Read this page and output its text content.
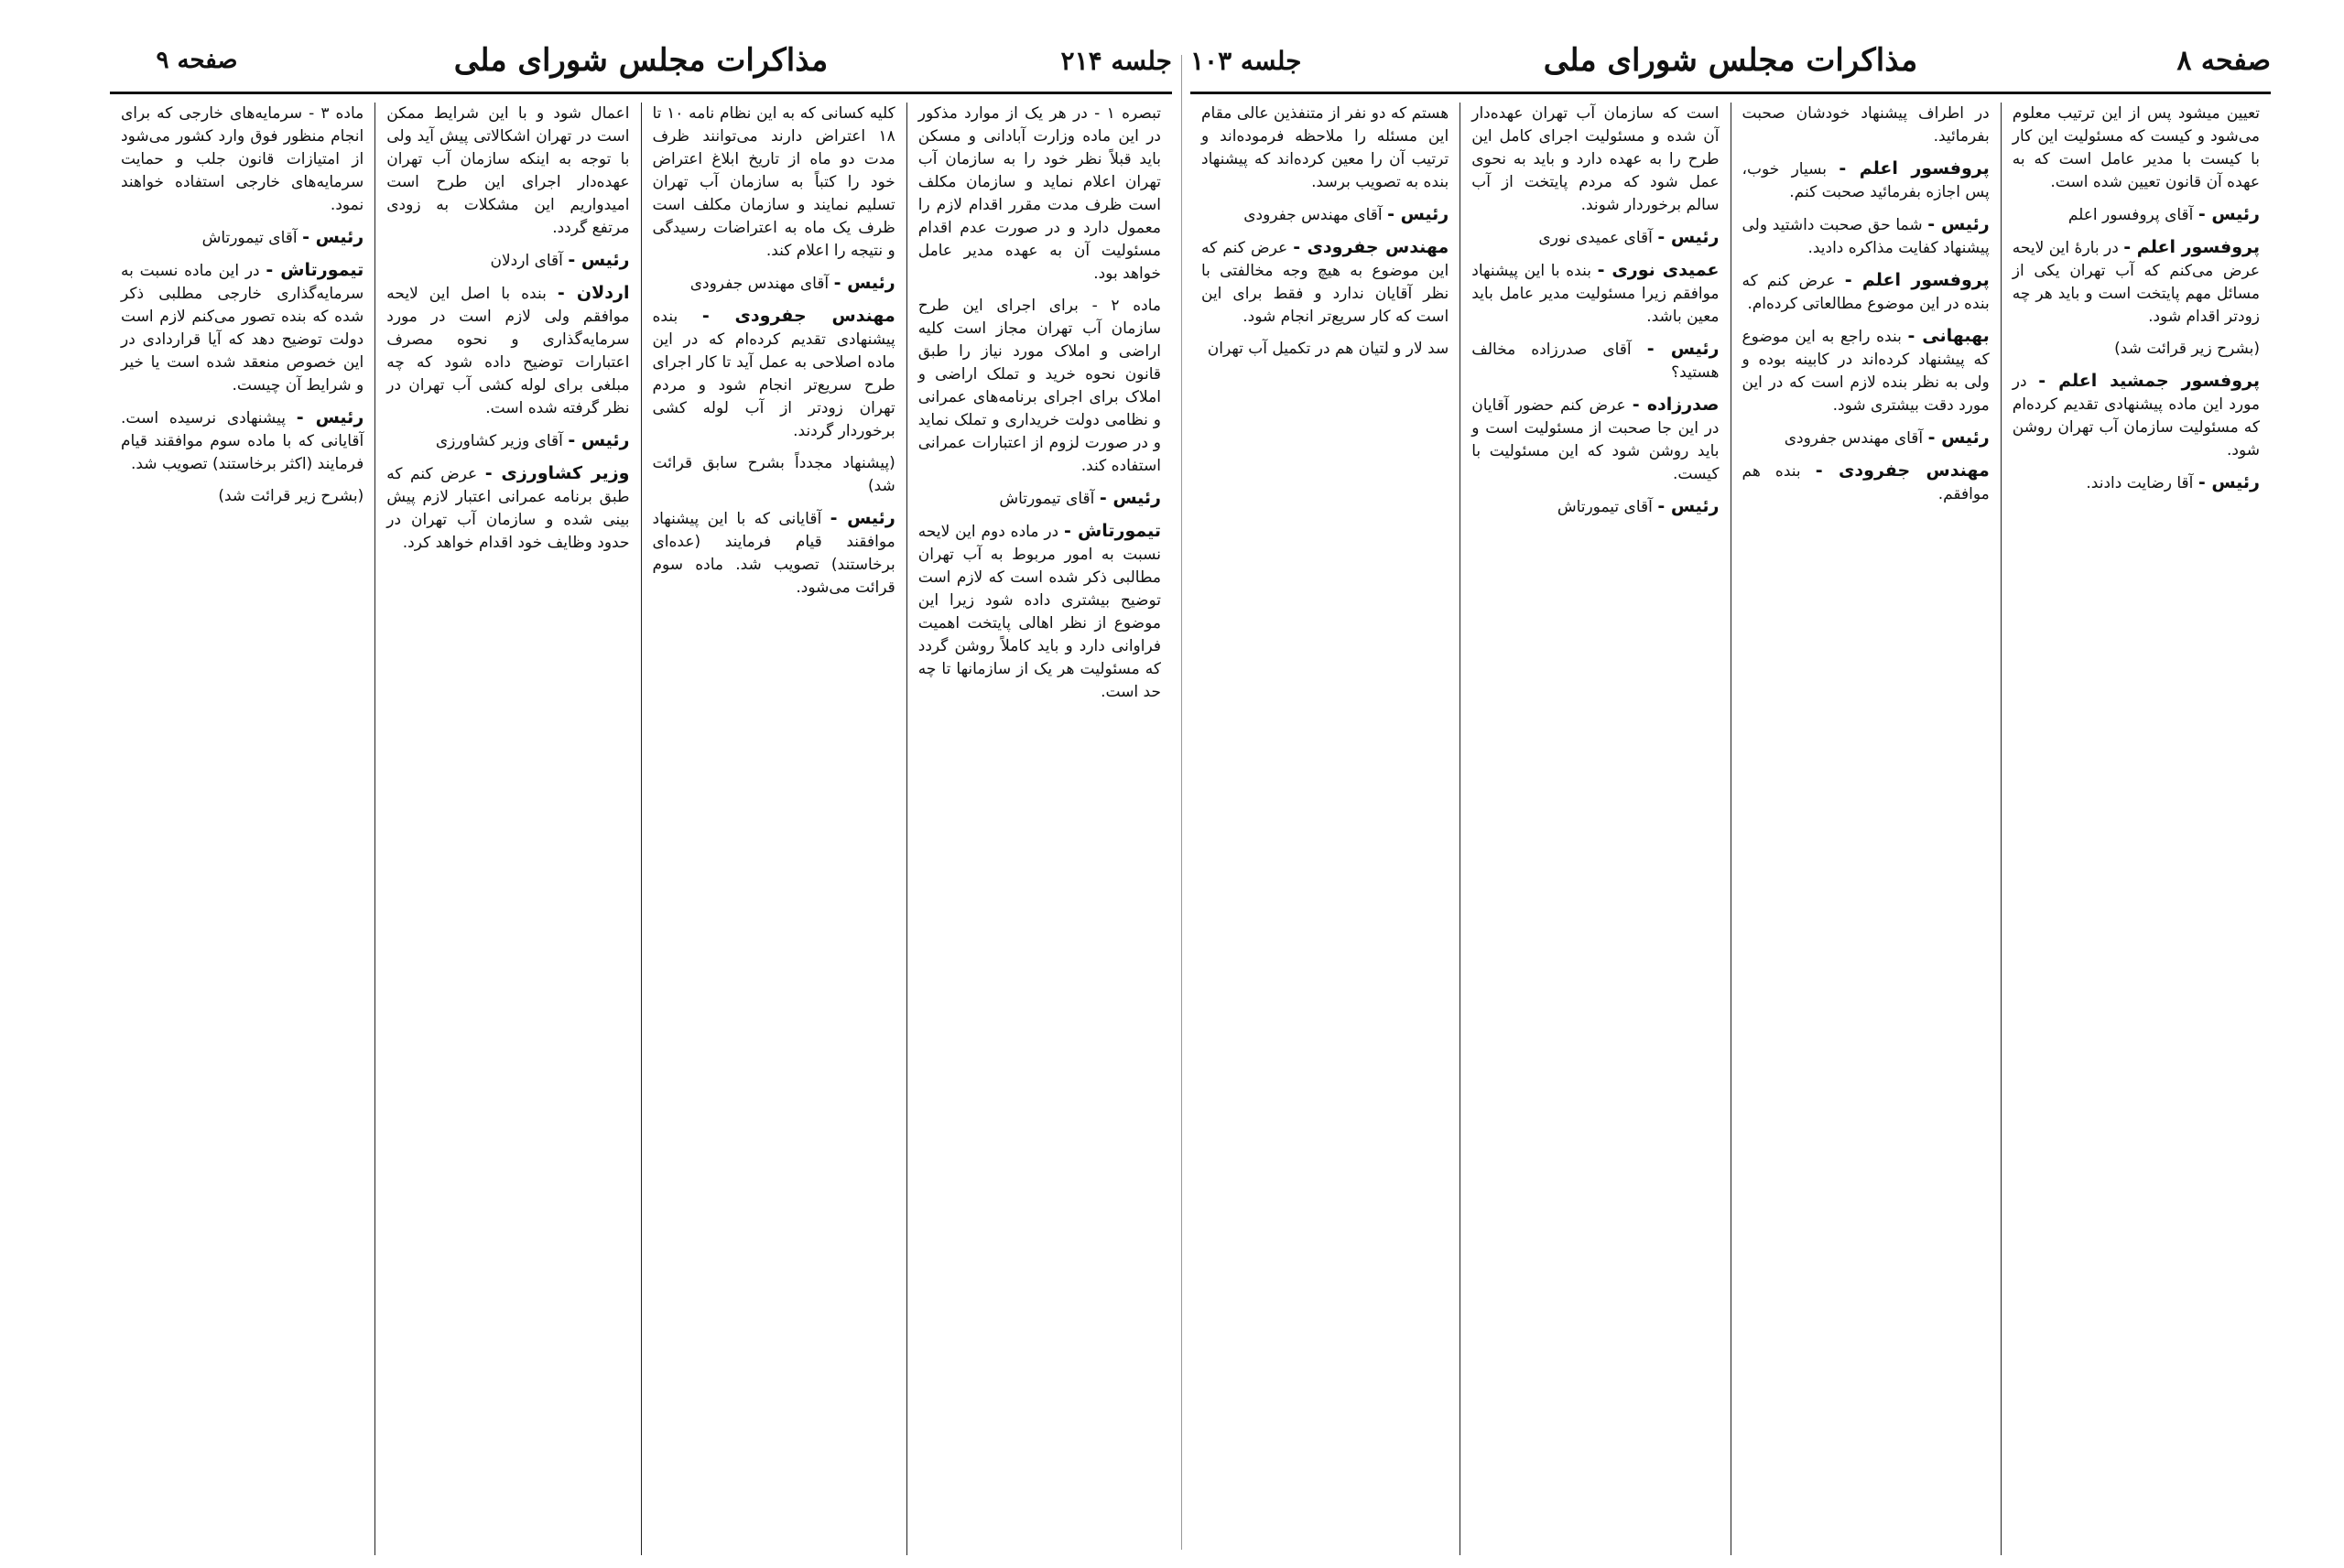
جلسه ۲۱۴
مذاکرات مجلس شورای ملی
صفحه ۹

تبصره ۱ - در هر یک از موارد مذکور در این ماده وزارت آبادانی و مسکن باید قبلاً نظر خود را به سازمان آب تهران اعلام نماید و سازمان مکلف است ظرف مدت مقرر اقدام لازم را معمول دارد و در صورت عدم اقدام مسئولیت آن به عهده مدیر عامل خواهد بود.

ماده ۲ - برای اجرای این طرح سازمان آب تهران مجاز است کلیه اراضی و املاک مورد نیاز را طبق قانون نحوه خرید و تملک اراضی و املاک برای اجرای برنامه‌های عمرانی و نظامی دولت خریداری و تملک نماید و در صورت لزوم از اعتبارات عمرانی استفاده کند.

رئیس - آقای تیمورتاش

تیمورتاش - در ماده دوم این لایحه نسبت به امور مربوط به آب تهران مطالبی ذکر شده است که لازم است توضیح بیشتری داده شود زیرا این موضوع از نظر اهالی پایتخت اهمیت فراوانی دارد و باید کاملاً روشن گردد که مسئولیت هر یک از سازمانها تا چه حد است.

کلیه کسانی که به این نظام نامه ۱۰ تا ۱۸ اعتراض دارند می‌توانند ظرف مدت دو ماه از تاریخ ابلاغ اعتراض خود را کتباً به سازمان آب تهران تسلیم نمایند و سازمان مکلف است ظرف یک ماه به اعتراضات رسیدگی و نتیجه را اعلام کند.

رئیس - آقای مهندس جفرودی

مهندس جفرودی - بنده پیشنهادی تقدیم کرده‌ام که در این ماده اصلاحی به عمل آید تا کار اجرای طرح سریع‌تر انجام شود و مردم تهران زودتر از آب لوله کشی برخوردار گردند.

(پیشنهاد مجدداً بشرح سابق قرائت شد)

رئیس - آقایانی که با این پیشنهاد موافقند قیام فرمایند (عده‌ای برخاستند) تصویب شد. ماده سوم قرائت می‌شود.

اعمال شود و با این شرایط ممکن است در تهران اشکالاتی پیش آید ولی با توجه به اینکه سازمان آب تهران عهده‌دار اجرای این طرح است امیدواریم این مشکلات به زودی مرتفع گردد.

رئیس - آقای اردلان

اردلان - بنده با اصل این لایحه موافقم ولی لازم است در مورد سرمایه‌گذاری و نحوه مصرف اعتبارات توضیح داده شود که چه مبلغی برای لوله کشی آب تهران در نظر گرفته شده است.

رئیس - آقای وزیر کشاورزی

وزیر کشاورزی - عرض کنم که طبق برنامه عمرانی اعتبار لازم پیش بینی شده و سازمان آب تهران در حدود وظایف خود اقدام خواهد کرد.

ماده ۳ - سرمایه‌های خارجی که برای انجام منظور فوق وارد کشور می‌شود از امتیازات قانون جلب و حمایت سرمایه‌های خارجی استفاده خواهند نمود.

رئیس - آقای تیمورتاش

تیمورتاش - در این ماده نسبت به سرمایه‌گذاری خارجی مطلبی ذکر شده که بنده تصور می‌کنم لازم است دولت توضیح دهد که آیا قراردادی در این خصوص منعقد شده است یا خیر و شرایط آن چیست.

رئیس - پیشنهادی نرسیده است. آقایانی که با ماده سوم موافقند قیام فرمایند (اکثر برخاستند) تصویب شد.

(بشرح زیر قرائت شد)

صفحه ۸
مذاکرات مجلس شورای ملی
جلسه ۱۰۳

تعیین میشود پس از این ترتیب معلوم می‌شود و کیست که مسئولیت این کار با کیست با مدیر عامل است که به عهده آن قانون تعیین شده است.

رئیس - آقای پروفسور اعلم

پروفسور اعلم - در بارهٔ این لایحه عرض می‌کنم که آب تهران یکی از مسائل مهم پایتخت است و باید هر چه زودتر اقدام شود.

(بشرح زیر قرائت شد)

پروفسور جمشید اعلم - در مورد این ماده پیشنهادی تقدیم کرده‌ام که مسئولیت سازمان آب تهران روشن شود.

رئیس - آقا رضایت دادند.

در اطراف پیشنهاد خودشان صحبت بفرمائید.

پروفسور اعلم - بسیار خوب، پس اجازه بفرمائید صحبت کنم.

رئیس - شما حق صحبت داشتید ولی پیشنهاد کفایت مذاکره دادید.

پروفسور اعلم - عرض کنم که بنده در این موضوع مطالعاتی کرده‌ام.

بهبهانی - بنده راجع به این موضوع که پیشنهاد کرده‌اند در کابینه بوده و ولی به نظر بنده لازم است که در این مورد دقت بیشتری شود.

رئیس - آقای مهندس جفرودی

مهندس جفرودی - بنده هم موافقم.

است که سازمان آب تهران عهده‌دار آن شده و مسئولیت اجرای کامل این طرح را به عهده دارد و باید به نحوی عمل شود که مردم پایتخت از آب سالم برخوردار شوند.

رئیس - آقای عمیدی نوری

عمیدی نوری - بنده با این پیشنهاد موافقم زیرا مسئولیت مدیر عامل باید معین باشد.

رئیس - آقای صدرزاده مخالف هستید؟

صدرزاده - عرض کنم حضور آقایان در این جا صحبت از مسئولیت است و باید روشن شود که این مسئولیت با کیست.

رئیس - آقای تیمورتاش

هستم که دو نفر از متنفذین عالی مقام این مسئله را ملاحظه فرموده‌اند و ترتیب آن را معین کرده‌اند که پیشنهاد بنده به تصویب برسد.

رئیس - آقای مهندس جفرودی

مهندس جفرودی - عرض کنم که این موضوع به هیچ وجه مخالفتی با نظر آقایان ندارد و فقط برای این است که کار سریع‌تر انجام شود.

سد لار و لتیان هم در تکمیل آب تهران
